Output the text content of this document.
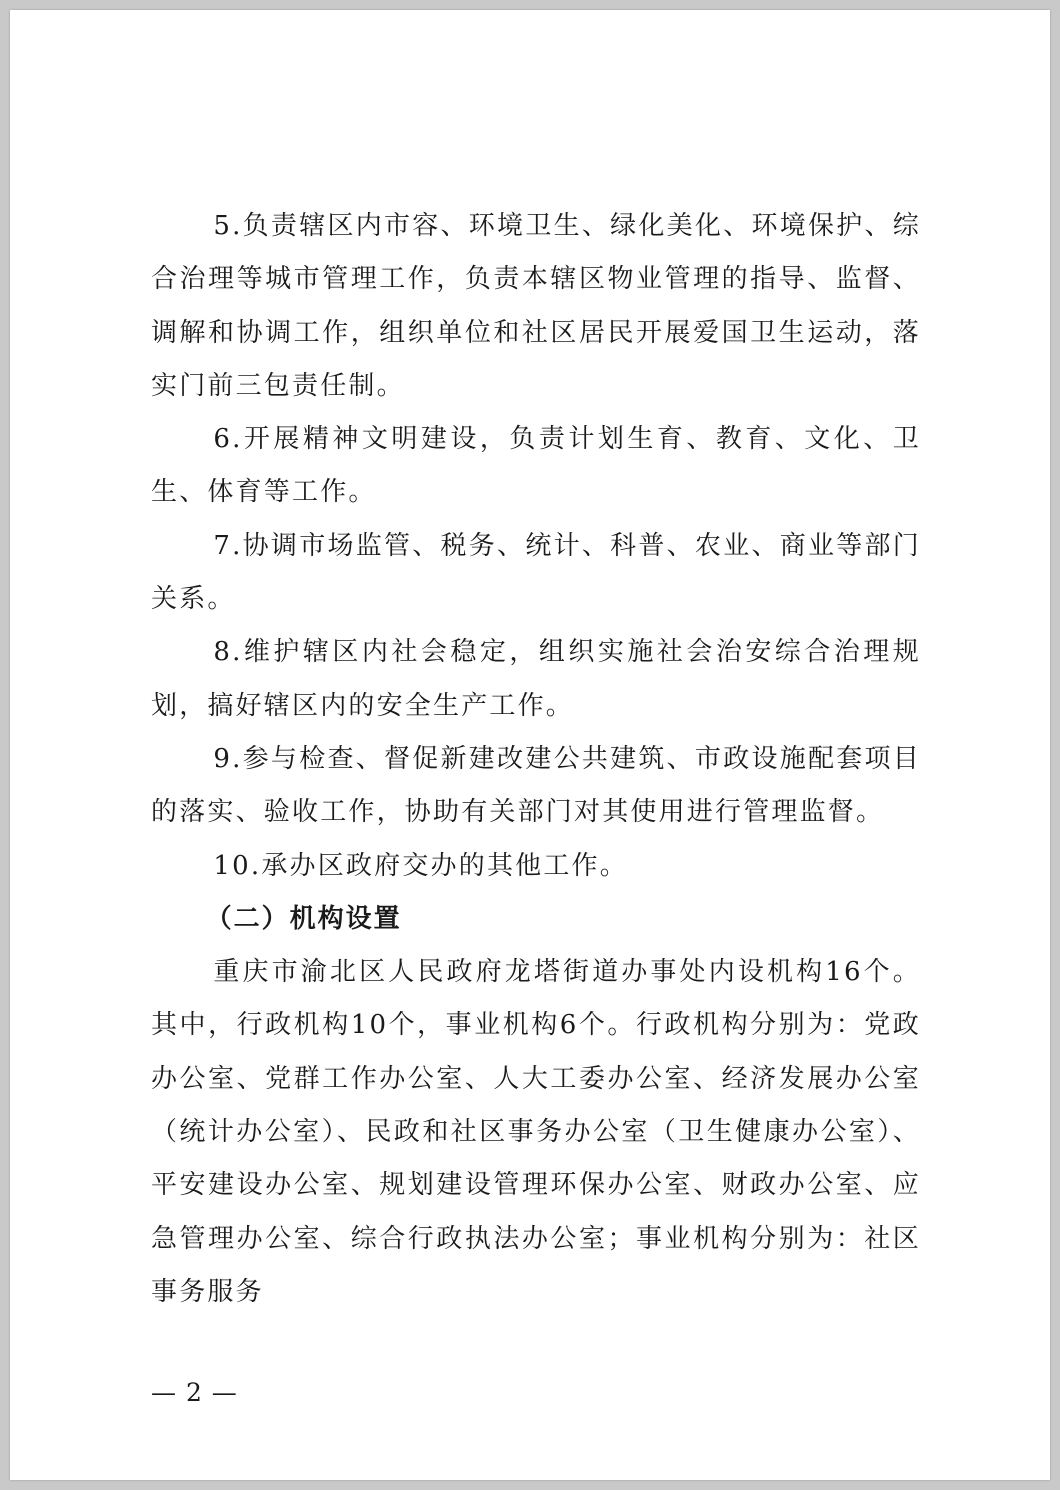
5.负责辖区内市容、环境卫生、绿化美化、环境保护、综合治理等城市管理工作，负责本辖区物业管理的指导、监督、调解和协调工作，组织单位和社区居民开展爱国卫生运动，落实门前三包责任制。

6.开展精神文明建设，负责计划生育、教育、文化、卫生、体育等工作。

7.协调市场监管、税务、统计、科普、农业、商业等部门关系。

8.维护辖区内社会稳定，组织实施社会治安综合治理规划，搞好辖区内的安全生产工作。

9.参与检查、督促新建改建公共建筑、市政设施配套项目的落实、验收工作，协助有关部门对其使用进行管理监督。

10.承办区政府交办的其他工作。

（二）机构设置

重庆市渝北区人民政府龙塔街道办事处内设机构16个。其中，行政机构10个，事业机构6个。行政机构分别为：党政办公室、党群工作办公室、人大工委办公室、经济发展办公室（统计办公室）、民政和社区事务办公室（卫生健康办公室）、平安建设办公室、规划建设管理环保办公室、财政办公室、应急管理办公室、综合行政执法办公室；事业机构分别为：社区事务服务

— 2 —
